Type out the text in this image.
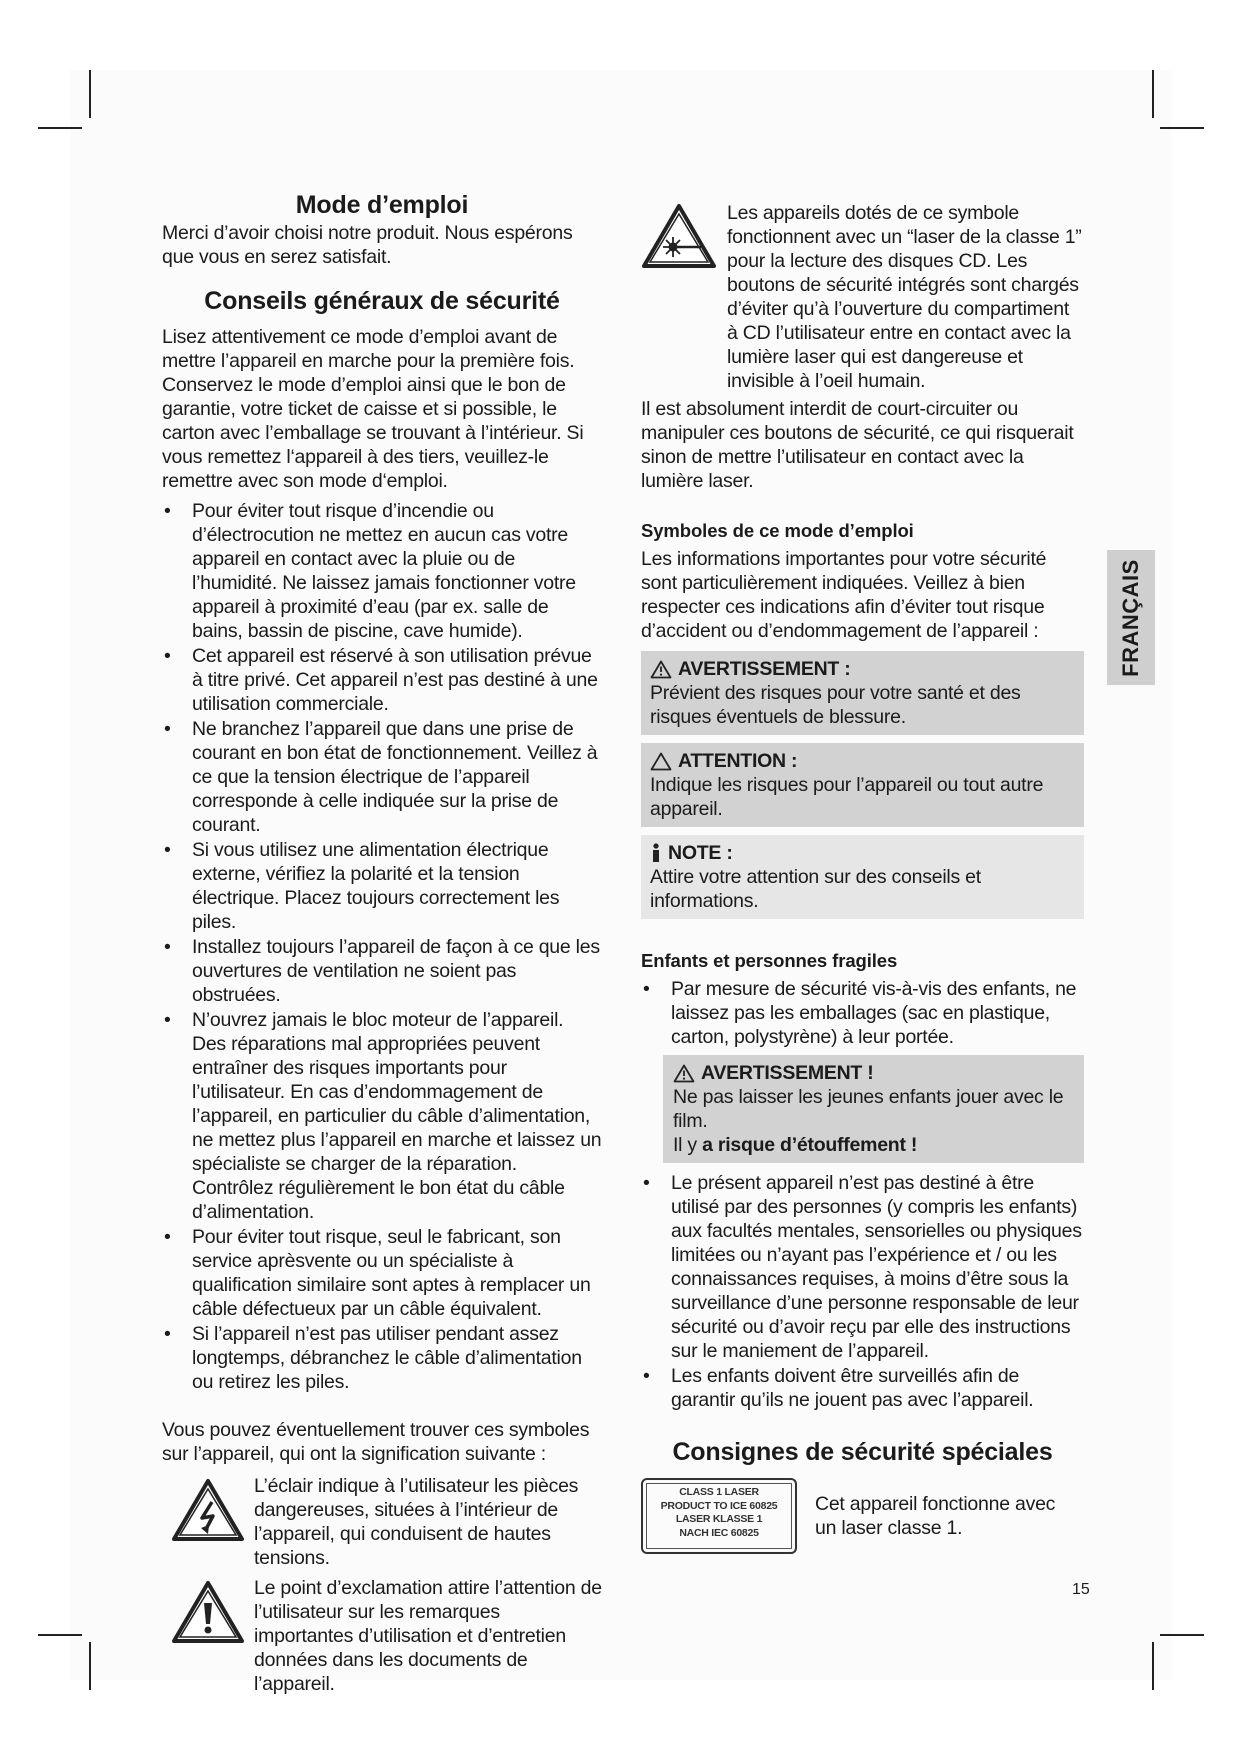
Mode d’emploi

Merci d’avoir choisi notre produit. Nous espérons que vous en serez satisfait.

Conseils généraux de sécurité

Lisez attentivement ce mode d’emploi avant de mettre l’appareil en marche pour la première fois. Conservez le mode d’emploi ainsi que le bon de garantie, votre ticket de caisse et si possible, le carton avec l’emballage se trouvant à l’intérieur. Si vous remettez l‘appareil à des tiers, veuillez-le remettre avec son mode d‘emploi.

• Pour éviter tout risque d’incendie ou d’électrocution ne mettez en aucun cas votre appareil en contact avec la pluie ou de l’humidité. Ne laissez jamais fonctionner votre appareil à proximité d’eau (par ex. salle de bains, bassin de piscine, cave humide).
• Cet appareil est réservé à son utilisation prévue à titre privé. Cet appareil n’est pas destiné à une utilisation commerciale.
• Ne branchez l’appareil que dans une prise de courant en bon état de fonctionnement. Veillez à ce que la tension électrique de l’appareil corresponde à celle indiquée sur la prise de courant.
• Si vous utilisez une alimentation électrique externe, vérifiez la polarité et la tension électrique. Placez toujours correctement les piles.
• Installez toujours l’appareil de façon à ce que les ouvertures de ventilation ne soient pas obstruées.
• N’ouvrez jamais le bloc moteur de l’appareil. Des réparations mal appropriées peuvent entraîner des risques importants pour l’utilisateur. En cas d’endommagement de l’appareil, en particulier du câble d’alimentation, ne mettez plus l’appareil en marche et laissez un spécialiste se charger de la réparation. Contrôlez régulièrement le bon état du câble d’alimentation.
• Pour éviter tout risque, seul le fabricant, son service aprèsvente ou un spécialiste à qualification similaire sont aptes à remplacer un câble défectueux par un câble équivalent.
• Si l’appareil n’est pas utiliser pendant assez longtemps, débranchez le câble d’alimentation ou retirez les piles.

Vous pouvez éventuellement trouver ces symboles sur l’appareil, qui ont la signification suivante :

L’éclair indique à l’utilisateur les pièces dangereuses, situées à l’intérieur de l’appareil, qui conduisent de hautes tensions.
Le point d’exclamation attire l’attention de l’utilisateur sur les remarques importantes d’utilisation et d’entretien données dans les documents de l’appareil.
Les appareils dotés de ce symbole fonctionnent avec un “laser de la classe 1” pour la lecture des disques CD. Les boutons de sécurité intégrés sont chargés d’éviter qu’à l’ouverture du compartiment à CD l’utilisateur entre en contact avec la lumière laser qui est dangereuse et invisible à l’oeil humain.

Il est absolument interdit de court-circuiter ou manipuler ces boutons de sécurité, ce qui risquerait sinon de mettre l’utilisateur en contact avec la lumière laser.

Symboles de ce mode d’emploi

Les informations importantes pour votre sécurité sont particulièrement indiquées. Veillez à bien respecter ces indications afin d’éviter tout risque d’accident ou d’endommagement de l’appareil :

AVERTISSEMENT :

Prévient des risques pour votre santé et des risques éventuels de blessure.

ATTENTION :

Indique les risques pour l’appareil ou tout autre appareil.

NOTE :

Attire votre attention sur des conseils et informations.

Enfants et personnes fragiles
• Par mesure de sécurité vis-à-vis des enfants, ne laissez pas les emballages (sac en plastique, carton, polystyrène) à leur portée.
AVERTISSEMENT !

Ne pas laisser les jeunes enfants jouer avec le film.

Il y a risque d’étouffement !

• Le présent appareil n’est pas destiné à être utilisé par des personnes (y compris les enfants) aux facultés mentales, sensorielles ou physiques limitées ou n’ayant pas l’expérience et / ou les connaissances requises, à moins d’être sous la surveillance d’une personne responsable de leur sécurité ou d’avoir reçu par elle des instructions sur le maniement de l’appareil.
• Les enfants doivent être surveillés afin de garantir qu’ils ne jouent pas avec l’appareil.
Consignes de sécurité spéciales
CLASS 1 LASER
PRODUCT TO ICE 60825
LASER KLASSE 1
NACH IEC 60825
Cet appareil fonctionne avec un laser classe 1.
FRANÇAIS
15
